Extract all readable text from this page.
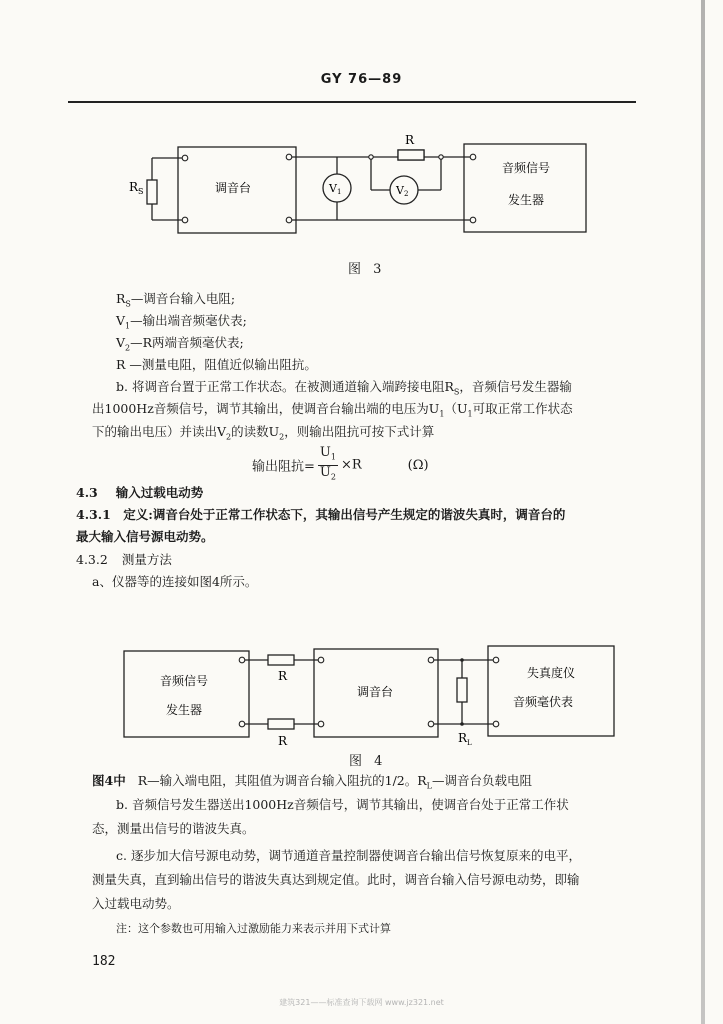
GY 76—89
R S	调音台	V 1	V 2
R
音频信号
发生器
图 3
$R_S—$调音台输入电阻;
$V_1—$输出端音频毫伏表;
$V_2—R$两端音频毫伏表;
R —测量电阻，阻值近似输出阻抗。
b. 将调音台置于正常工作状态。在被测通道输入端跨接电阻$R_S$，音频信号发生器输
出1000Hz音频信号，调节其输出，使调音台输出端的电压为$U_1(U_1$可取正常工作状态
下的输出电压）并读出$V_2$的读数$U_2$，则输出阻抗可按下式计算
输出阻抗= $\frac{U_1}{U_2} \times R$	(Ω)
4.3 输入过载电动势
4.3.1　定义:调音台处于正常工作状态下，其输出信号产生规定的谐波失真时，调音台的
最大输入信号源电动势。
4.3.2 测量方法
a、仪器等的连接如图4所示。
音频信号
发生器
R
R
调音台
R L
失真度仪
音频毫伏表
图 4
图4中 R—输入端电阻，其阻值为调音台输入阻抗的1/2。$R_L—$调音台负载电阻
b. 音频信号发生器送出1000Hz音频信号，调节其输出，使调音台处于正常工作状
态，测量出信号的谐波失真。
c. 逐步加大信号源电动势，调节通道音量控制器使调音台输出信号恢复原来的电平，
测量失真，直到输出信号的谐波失真达到规定值。此时，调音台输入信号源电动势，即输
入过载电动势。
注：这个参数也可用输入过激励能力来表示并用下式计算
182
建筑321——标准查询下载网 www.jz321.net
